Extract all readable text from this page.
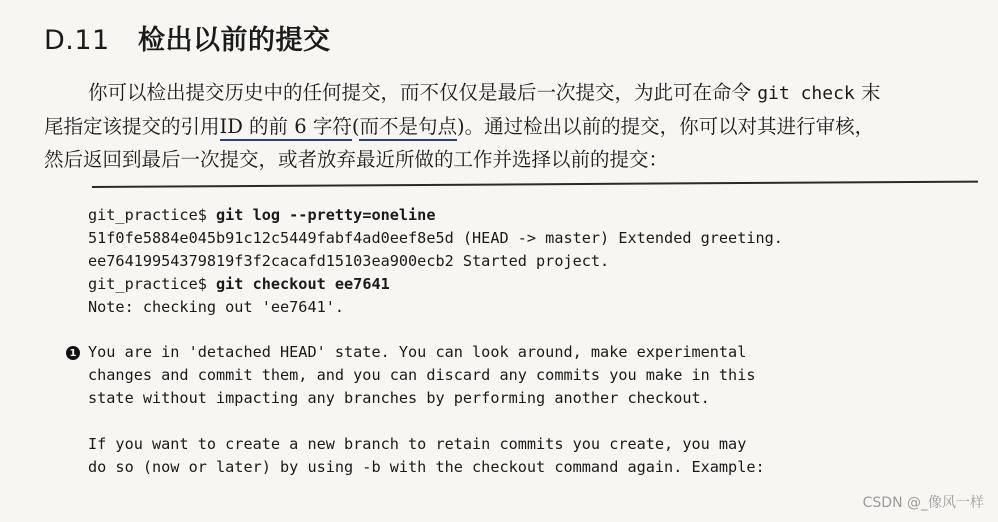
D.11 检出以前的提交
你可以检出提交历史中的任何提交，而不仅仅是最后一次提交，为此可在命令 git check 末
尾指定该提交的引用ID 的前 6 字符(而不是句点)。通过检出以前的提交，你可以对其进行审核，
然后返回到最后一次提交，或者放弃最近所做的工作并选择以前的提交：
git_practice$ git log --pretty=oneline
51f0fe5884e045b91c12c5449fabf4ad0eef8e5d (HEAD -> master) Extended greeting.
ee76419954379819f3f2cacafd15103ea900ecb2 Started project.
git_practice$ git checkout ee7641
Note: checking out 'ee7641'.
1 You are in 'detached HEAD' state. You can look around, make experimental
changes and commit them, and you can discard any commits you make in this
state without impacting any branches by performing another checkout.
If you want to create a new branch to retain commits you create, you may
do so (now or later) by using -b with the checkout command again. Example:
CSDN @_像风一样
